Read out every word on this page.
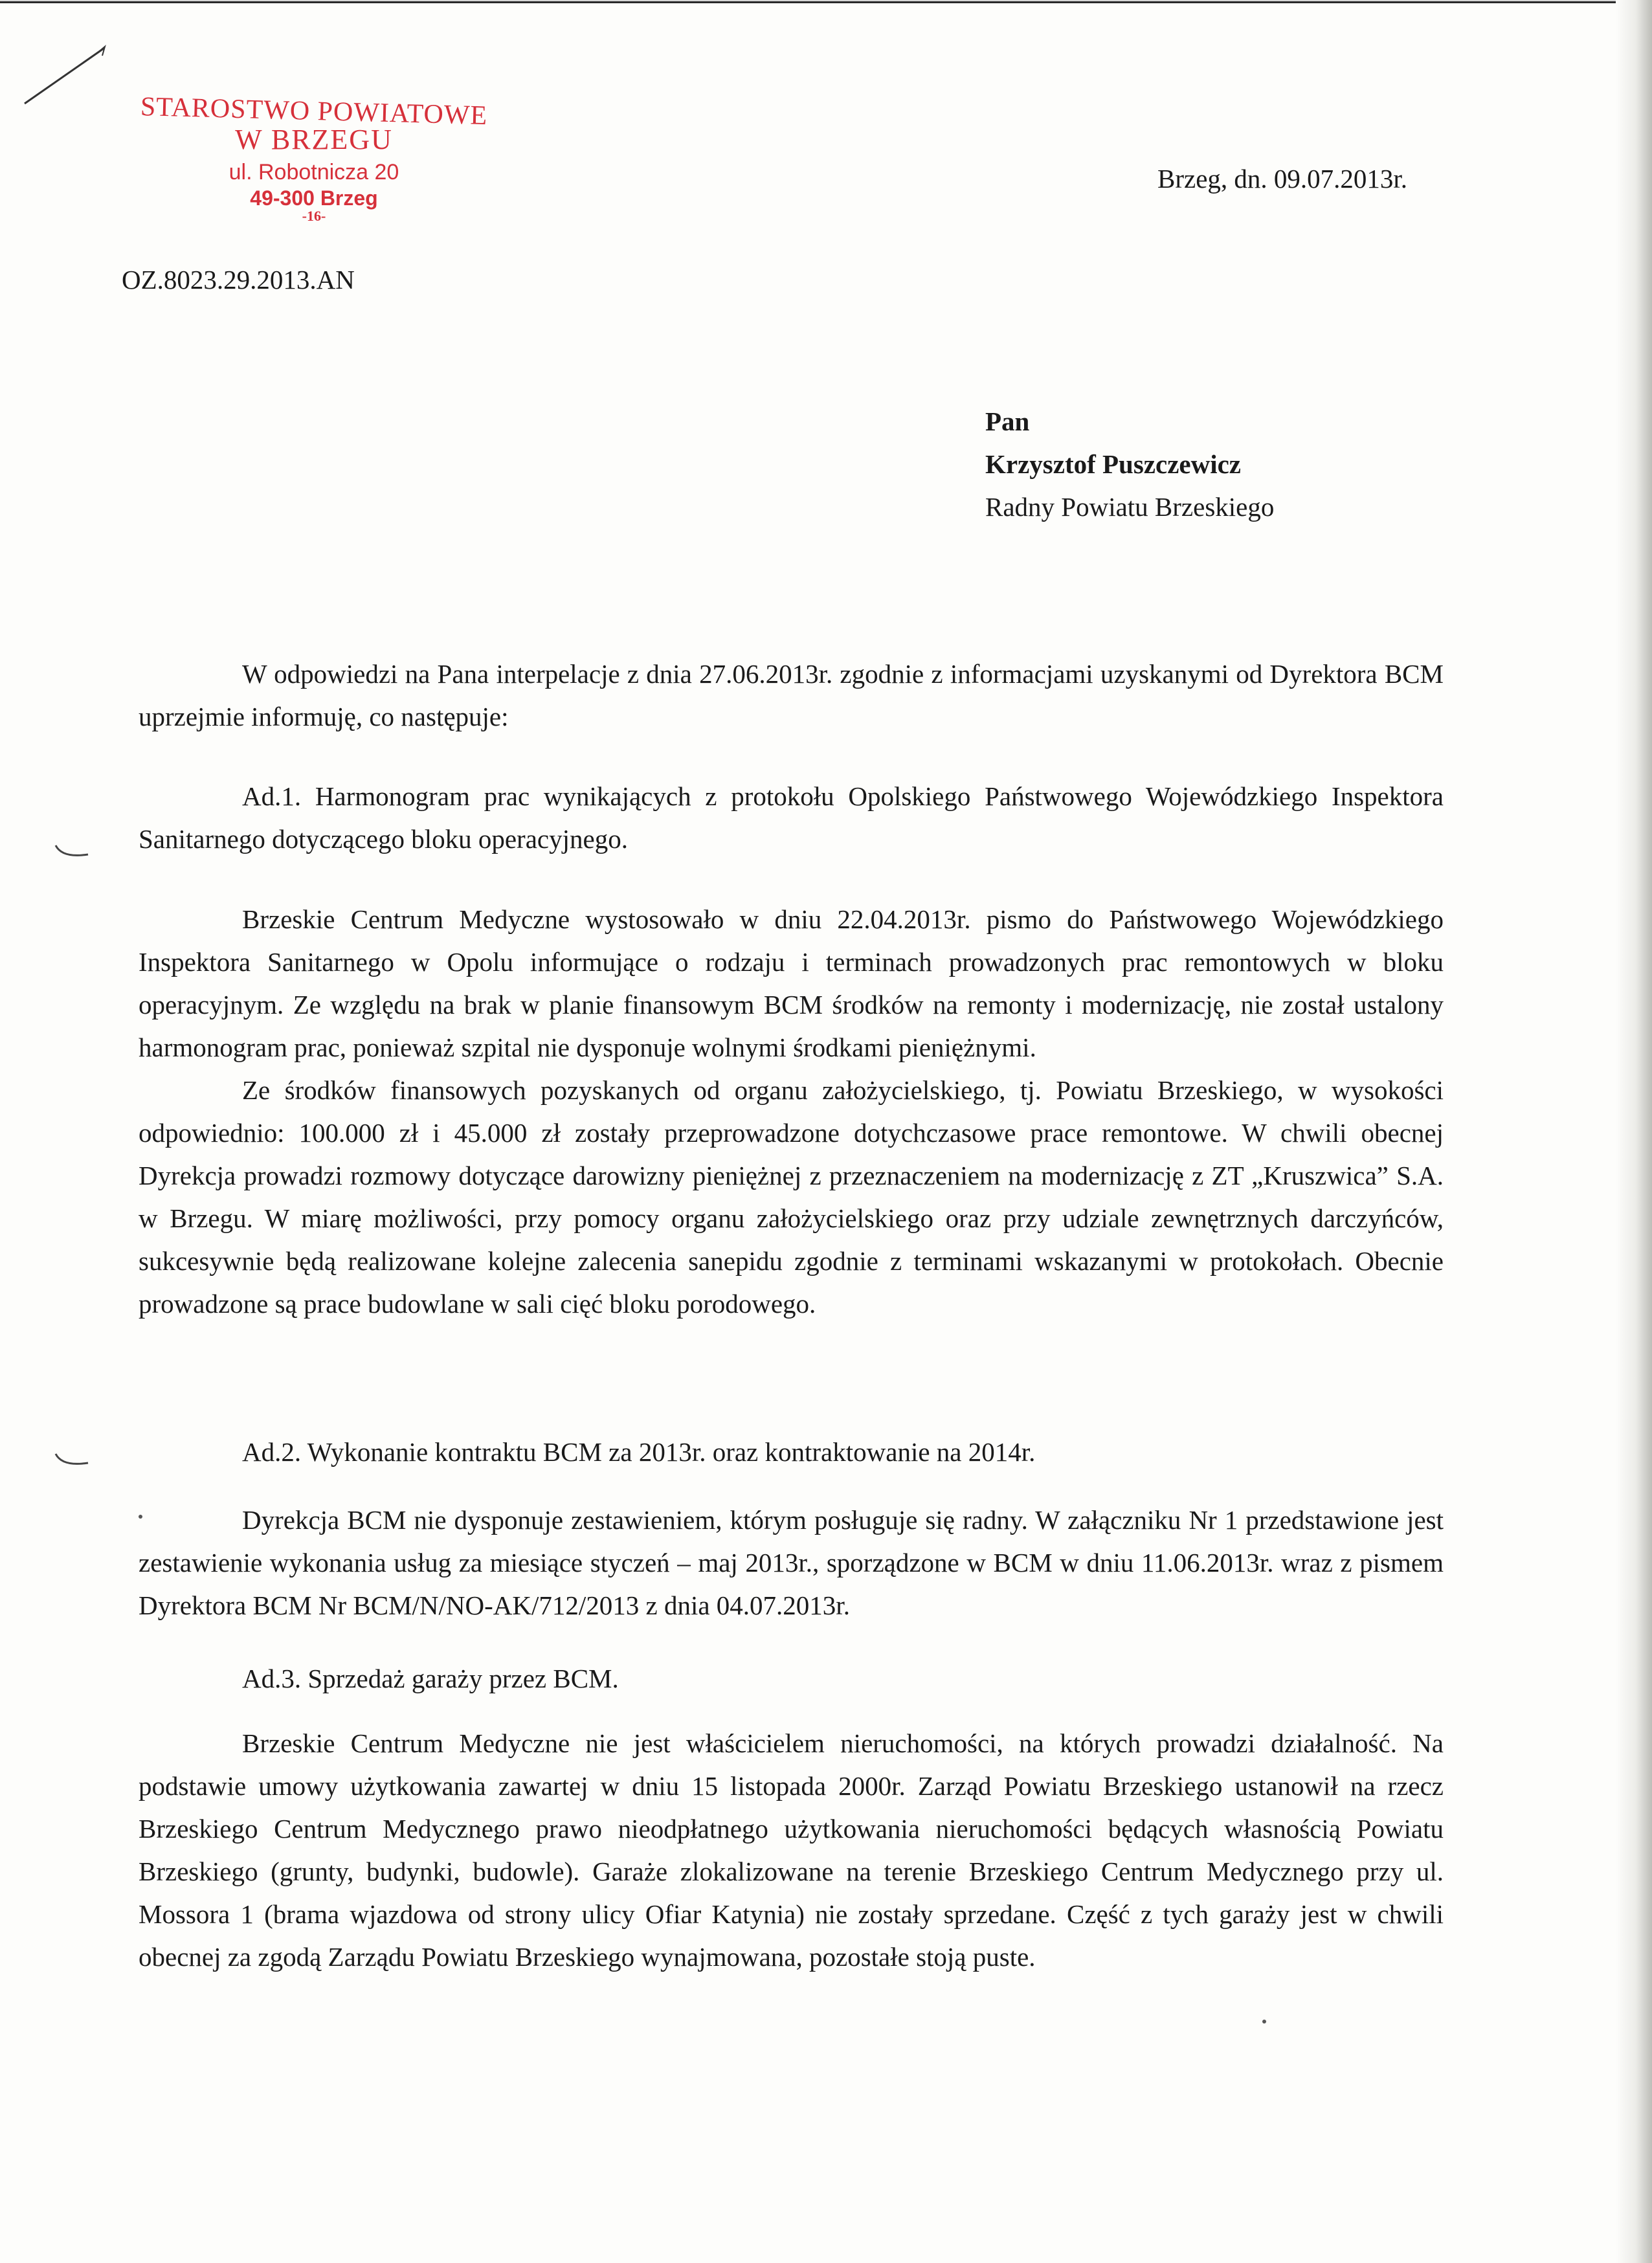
STAROSTWO POWIATOWE
W BRZEGU
ul. Robotnicza 20
49-300 Brzeg
-16-
Brzeg, dn. 09.07.2013r.
OZ.8023.29.2013.AN
Pan
Krzysztof Puszczewicz
Radny Powiatu Brzeskiego

W odpowiedzi na Pana interpelacje z dnia 27.06.2013r. zgodnie z informacjami uzyskanymi od Dyrektora BCM uprzejmie informuję, co następuje:

Ad.1. Harmonogram prac wynikających z protokołu Opolskiego Państwowego Wojewódzkiego Inspektora Sanitarnego dotyczącego bloku operacyjnego.

Brzeskie Centrum Medyczne wystosowało w dniu 22.04.2013r. pismo do Państwowego Wojewódzkiego Inspektora Sanitarnego w Opolu informujące o rodzaju i terminach prowadzonych prac remontowych w bloku operacyjnym. Ze względu na brak w planie finansowym BCM środków na remonty i modernizację, nie został ustalony harmonogram prac, ponieważ szpital nie dysponuje wolnymi środkami pieniężnymi.

Ze środków finansowych pozyskanych od organu założycielskiego, tj. Powiatu Brzeskiego, w wysokości odpowiednio: 100.000 zł i 45.000 zł zostały przeprowadzone dotychczasowe prace remontowe. W chwili obecnej Dyrekcja prowadzi rozmowy dotyczące darowizny pieniężnej z przeznaczeniem na modernizację z ZT „Kruszwica” S.A. w Brzegu. W miarę możliwości, przy pomocy organu założycielskiego oraz przy udziale zewnętrznych darczyńców, sukcesywnie będą realizowane kolejne zalecenia sanepidu zgodnie z terminami wskazanymi w protokołach. Obecnie prowadzone są prace budowlane w sali cięć bloku porodowego.

Ad.2. Wykonanie kontraktu BCM za 2013r. oraz kontraktowanie na 2014r.

Dyrekcja BCM nie dysponuje zestawieniem, którym posługuje się radny. W załączniku Nr 1 przedstawione jest zestawienie wykonania usług za miesiące styczeń – maj 2013r., sporządzone w BCM w dniu 11.06.2013r. wraz z pismem Dyrektora BCM Nr BCM/N/NO-AK/712/2013 z dnia 04.07.2013r.

Ad.3. Sprzedaż garaży przez BCM.

Brzeskie Centrum Medyczne nie jest właścicielem nieruchomości, na których prowadzi działalność. Na podstawie umowy użytkowania zawartej w dniu 15 listopada 2000r. Zarząd Powiatu Brzeskiego ustanowił na rzecz Brzeskiego Centrum Medycznego prawo nieodpłatnego użytkowania nieruchomości będących własnością Powiatu Brzeskiego (grunty, budynki, budowle). Garaże zlokalizowane na terenie Brzeskiego Centrum Medycznego przy ul. Mossora 1 (brama wjazdowa od strony ulicy Ofiar Katynia) nie zostały sprzedane. Część z tych garaży jest w chwili obecnej za zgodą Zarządu Powiatu Brzeskiego wynajmowana, pozostałe stoją puste.
